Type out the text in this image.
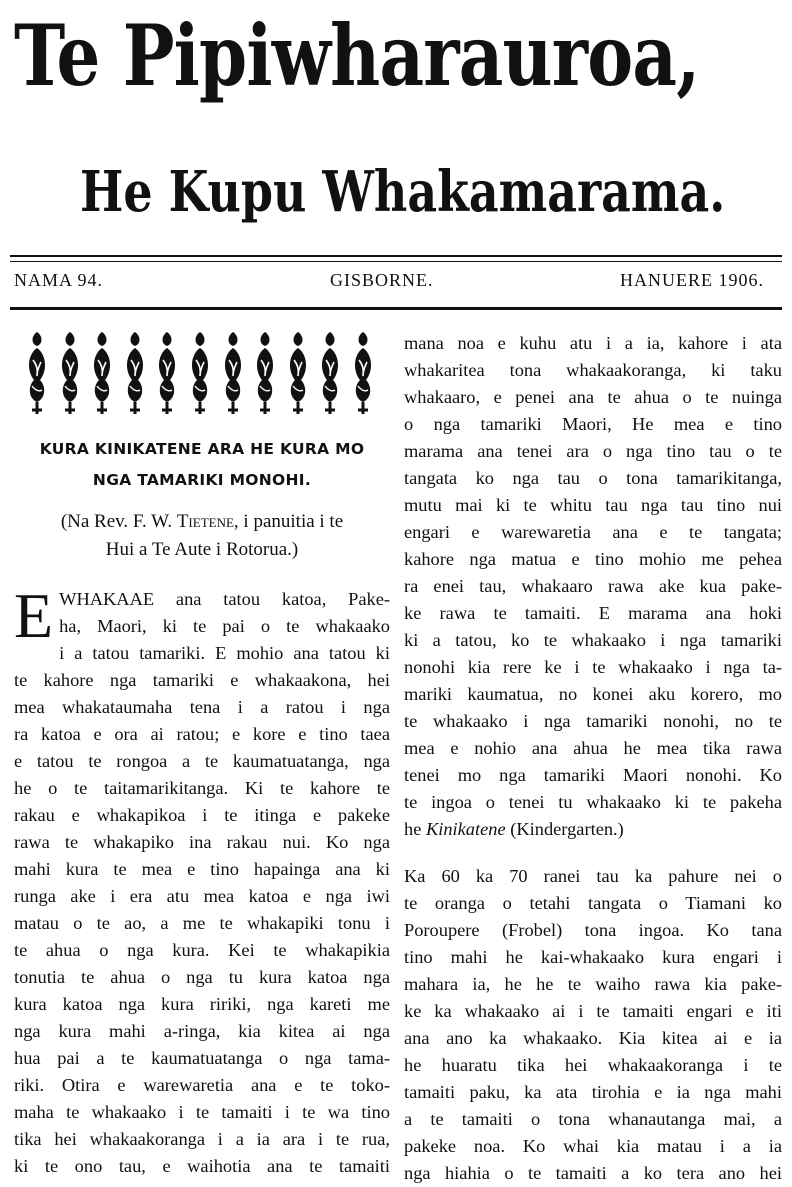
Te Pipiwharauroa,
He Kupu Whakamarama.
NAMA 94.	GISBORNE.	HANUERE 1906.
KURA KINIKATENE ARA HE KURA MO
NGA TAMARIKI MONOHI.
(Na Rev. F. W. Tietene, i panuitia i te
Hui a Te Aute i Rotorua.)
E WHAKAAE ana tatou katoa, Pake-
ha, Maori, ki te pai o te whakaako
i a tatou tamariki. E mohio ana tatou ki
te kahore nga tamariki e whakaakona, hei
mea whakataumaha tena i a ratou i nga
ra katoa e ora ai ratou; e kore e tino taea
e tatou te rongoa a te kaumatuatanga, nga
he o te taitamarikitanga. Ki te kahore te
rakau e whakapikoa i te itinga e pakeke
rawa te whakapiko ina rakau nui. Ko nga
mahi kura te mea e tino hapainga ana ki
runga ake i era atu mea katoa e nga iwi
matau o te ao, a me te whakapiki tonu i
te ahua o nga kura. Kei te whakapikia
tonutia te ahua o nga tu kura katoa nga
kura katoa nga kura ririki, nga kareti me
nga kura mahi a-ringa, kia kitea ai nga
hua pai a te kaumatuatanga o nga tama-
riki. Otira e warewaretia ana e te toko-
maha te whakaako i te tamaiti i te wa tino
tika hei whakaakoranga i a ia ara i te rua,
ki te ono tau, e waihotia ana te tamaiti
mana noa e kuhu atu i a ia, kahore i ata
whakaritea tona whakaakoranga, ki taku
whakaaro, e penei ana te ahua o te nuinga
o nga tamariki Maori, He mea e tino
marama ana tenei ara o nga tino tau o te
tangata ko nga tau o tona tamarikitanga,
mutu mai ki te whitu tau nga tau tino nui
engari e warewaretia ana e te tangata;
kahore nga matua e tino mohio me pehea
ra enei tau, whakaaro rawa ake kua pake-
ke rawa te tamaiti. E marama ana hoki
ki a tatou, ko te whakaako i nga tamariki
nonohi kia rere ke i te whakaako i nga ta-
mariki kaumatua, no konei aku korero, mo
te whakaako i nga tamariki nonohi, no te
mea e nohio ana ahua he mea tika rawa
tenei mo nga tamariki Maori nonohi. Ko
te ingoa o tenei tu whakaako ki te pakeha
he Kinikatene (Kindergarten.)
Ka 60 ka 70 ranei tau ka pahure nei o
te oranga o tetahi tangata o Tiamani ko
Poroupere (Frobel) tona ingoa. Ko tana
tino mahi he kai-whakaako kura engari i
mahara ia, he he te waiho rawa kia pake-
ke ka whakaako ai i te tamaiti engari e iti
ana ano ka whakaako. Kia kitea ai e ia
he huaratu tika hei whakaakoranga i te
tamaiti paku, ka ata tirohia e ia nga mahi
a te tamaiti o tona whanautanga mai, a
pakeke noa. Ko whai kia matau i a ia
nga hiahia o te tamaiti a ko tera ano hei
